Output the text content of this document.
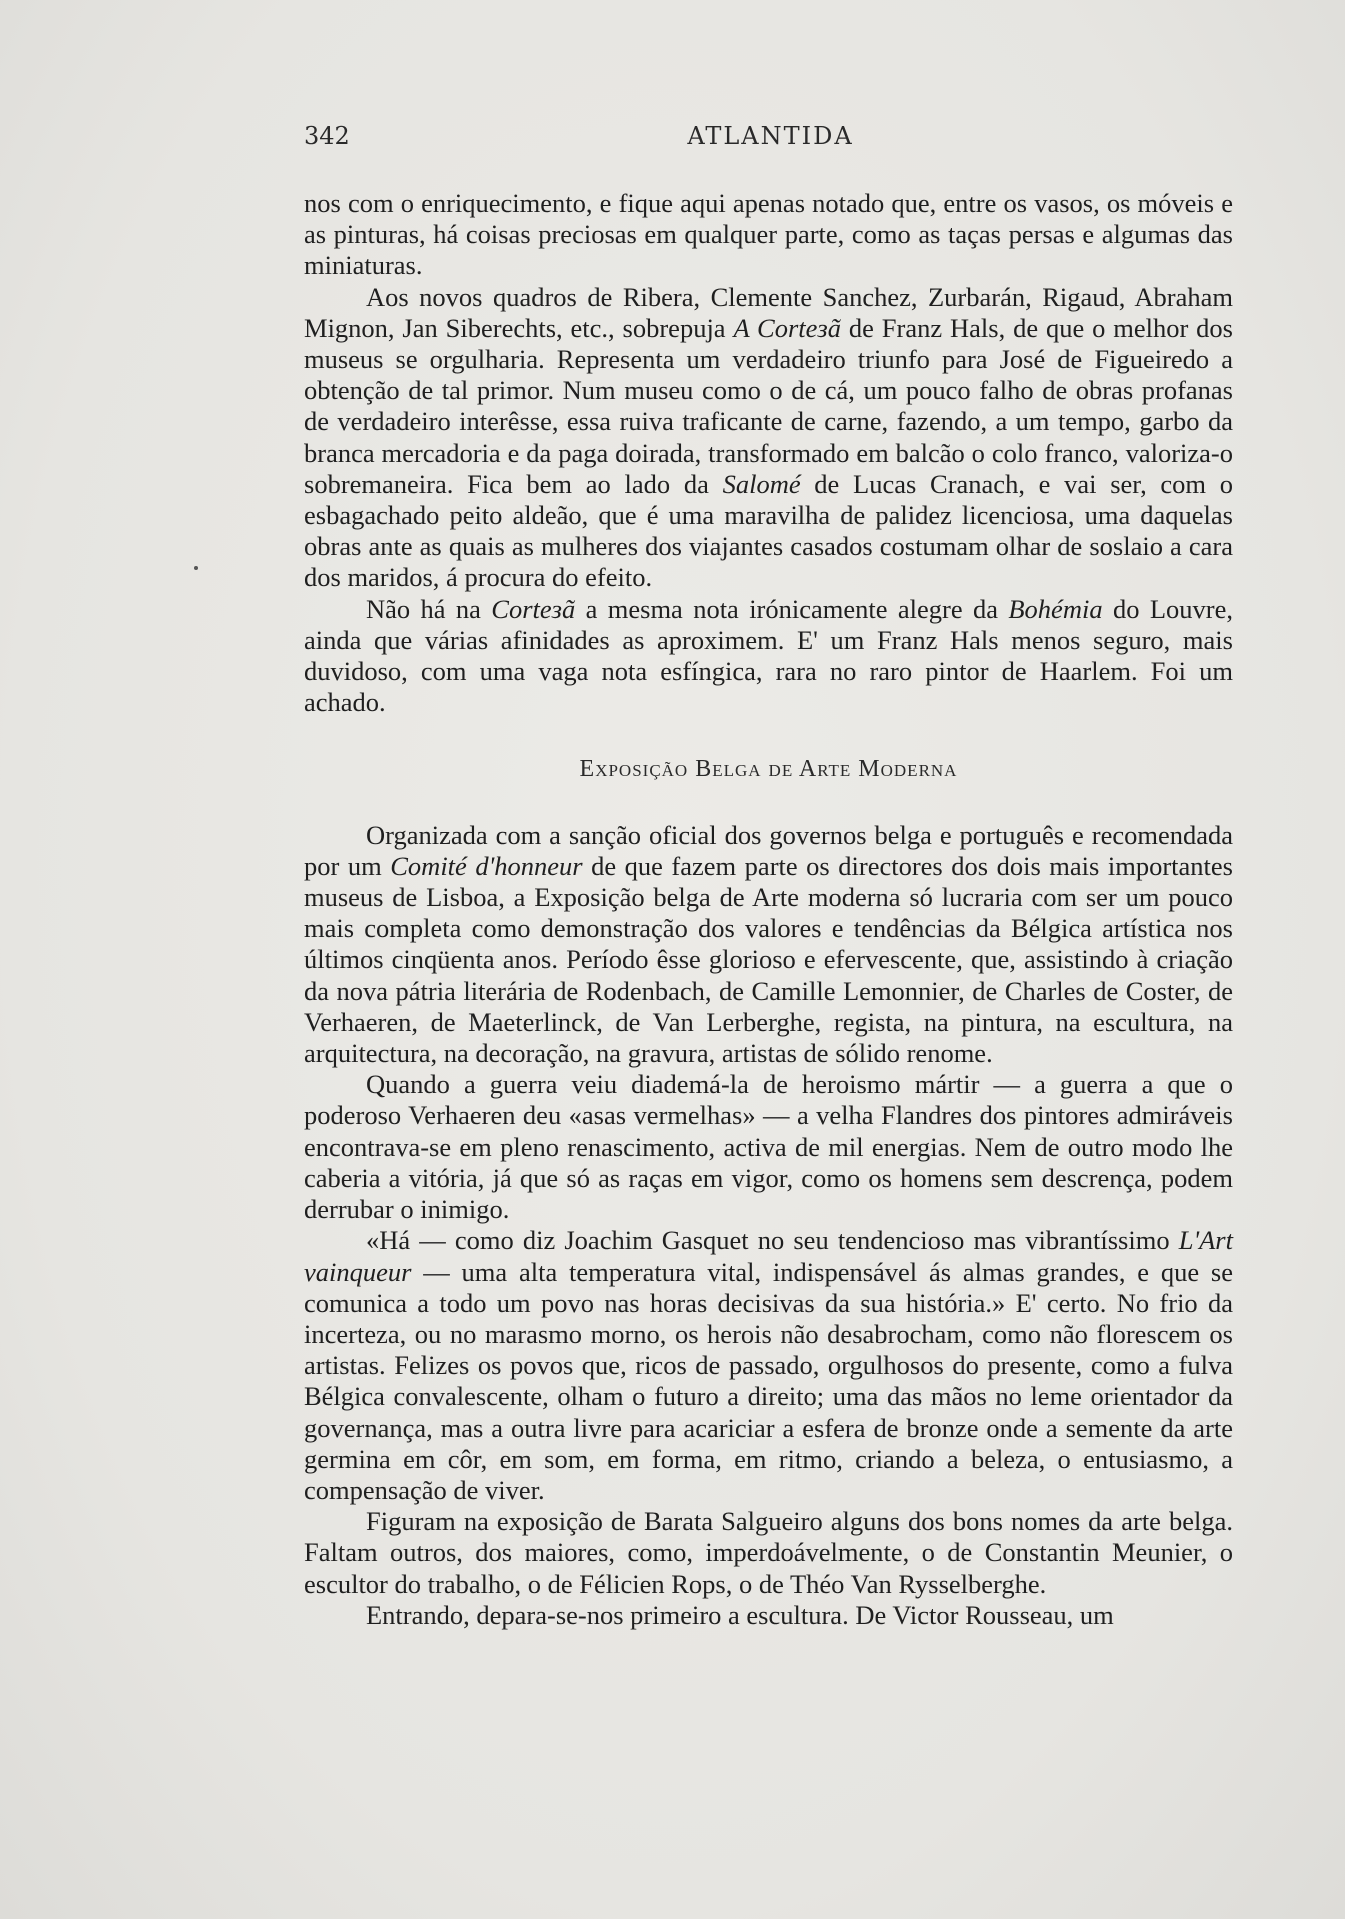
342	ATLANTIDA

nos com o enriquecimento, e fique aqui apenas notado que, entre os vasos, os móveis e as pinturas, há coisas preciosas em qualquer parte, como as taças persas e algumas das miniaturas.

Aos novos quadros de Ribera, Clemente Sanchez, Zurbarán, Rigaud, Abraham Mignon, Jan Siberechts, etc., sobrepuja A Corteзã de Franz Hals, de que o melhor dos museus se orgulharia. Representa um verdadeiro triunfo para José de Figueiredo a obtenção de tal primor. Num museu como o de cá, um pouco falho de obras profanas de verdadeiro interêsse, essa ruiva traficante de carne, fazendo, a um tempo, garbo da branca mercadoria e da paga doirada, transformado em balcão o colo franco, valoriza-o sobremaneira. Fica bem ao lado da Salomé de Lucas Cranach, e vai ser, com o esbagachado peito aldeão, que é uma maravilha de palidez licenciosa, uma daquelas obras ante as quais as mulheres dos viajantes casados costumam olhar de soslaio a cara dos maridos, á procura do efeito.

Não há na Corteзã a mesma nota irónicamente alegre da Bohémia do Louvre, ainda que várias afinidades as aproximem. E' um Franz Hals menos seguro, mais duvidoso, com uma vaga nota esfíngica, rara no raro pintor de Haarlem. Foi um achado.

Exposição Belga de Arte Moderna

Organizada com a sanção oficial dos governos belga e português e recomendada por um Comité d'honneur de que fazem parte os directores dos dois mais importantes museus de Lisboa, a Exposição belga de Arte moderna só lucraria com ser um pouco mais completa como demonstração dos valores e tendências da Bélgica artística nos últimos cinqüenta anos. Período êsse glorioso e efervescente, que, assistindo à criação da nova pátria literária de Rodenbach, de Camille Lemonnier, de Charles de Coster, de Verhaeren, de Maeterlinck, de Van Lerberghe, regista, na pintura, na escultura, na arquitectura, na decoração, na gravura, artistas de sólido renome.

Quando a guerra veiu diademá-la de heroismo mártir — a guerra a que o poderoso Verhaeren deu «asas vermelhas» — a velha Flandres dos pintores admiráveis encontrava-se em pleno renascimento, activa de mil energias. Nem de outro modo lhe caberia a vitória, já que só as raças em vigor, como os homens sem descrença, podem derrubar o inimigo.

«Há — como diz Joachim Gasquet no seu tendencioso mas vibrantíssimo L'Art vainqueur — uma alta temperatura vital, indispensável ás almas grandes, e que se comunica a todo um povo nas horas decisivas da sua história.» E' certo. No frio da incerteza, ou no marasmo morno, os herois não desabrocham, como não florescem os artistas. Felizes os povos que, ricos de passado, orgulhosos do presente, como a fulva Bélgica convalescente, olham o futuro a direito; uma das mãos no leme orientador da governança, mas a outra livre para acariciar a esfera de bronze onde a semente da arte germina em côr, em som, em forma, em ritmo, criando a beleza, o entusiasmo, a compensação de viver.

Figuram na exposição de Barata Salgueiro alguns dos bons nomes da arte belga. Faltam outros, dos maiores, como, imperdoávelmente, o de Constantin Meunier, o escultor do trabalho, o de Félicien Rops, o de Théo Van Rysselberghe.

Entrando, depara-se-nos primeiro a escultura. De Victor Rousseau, um
